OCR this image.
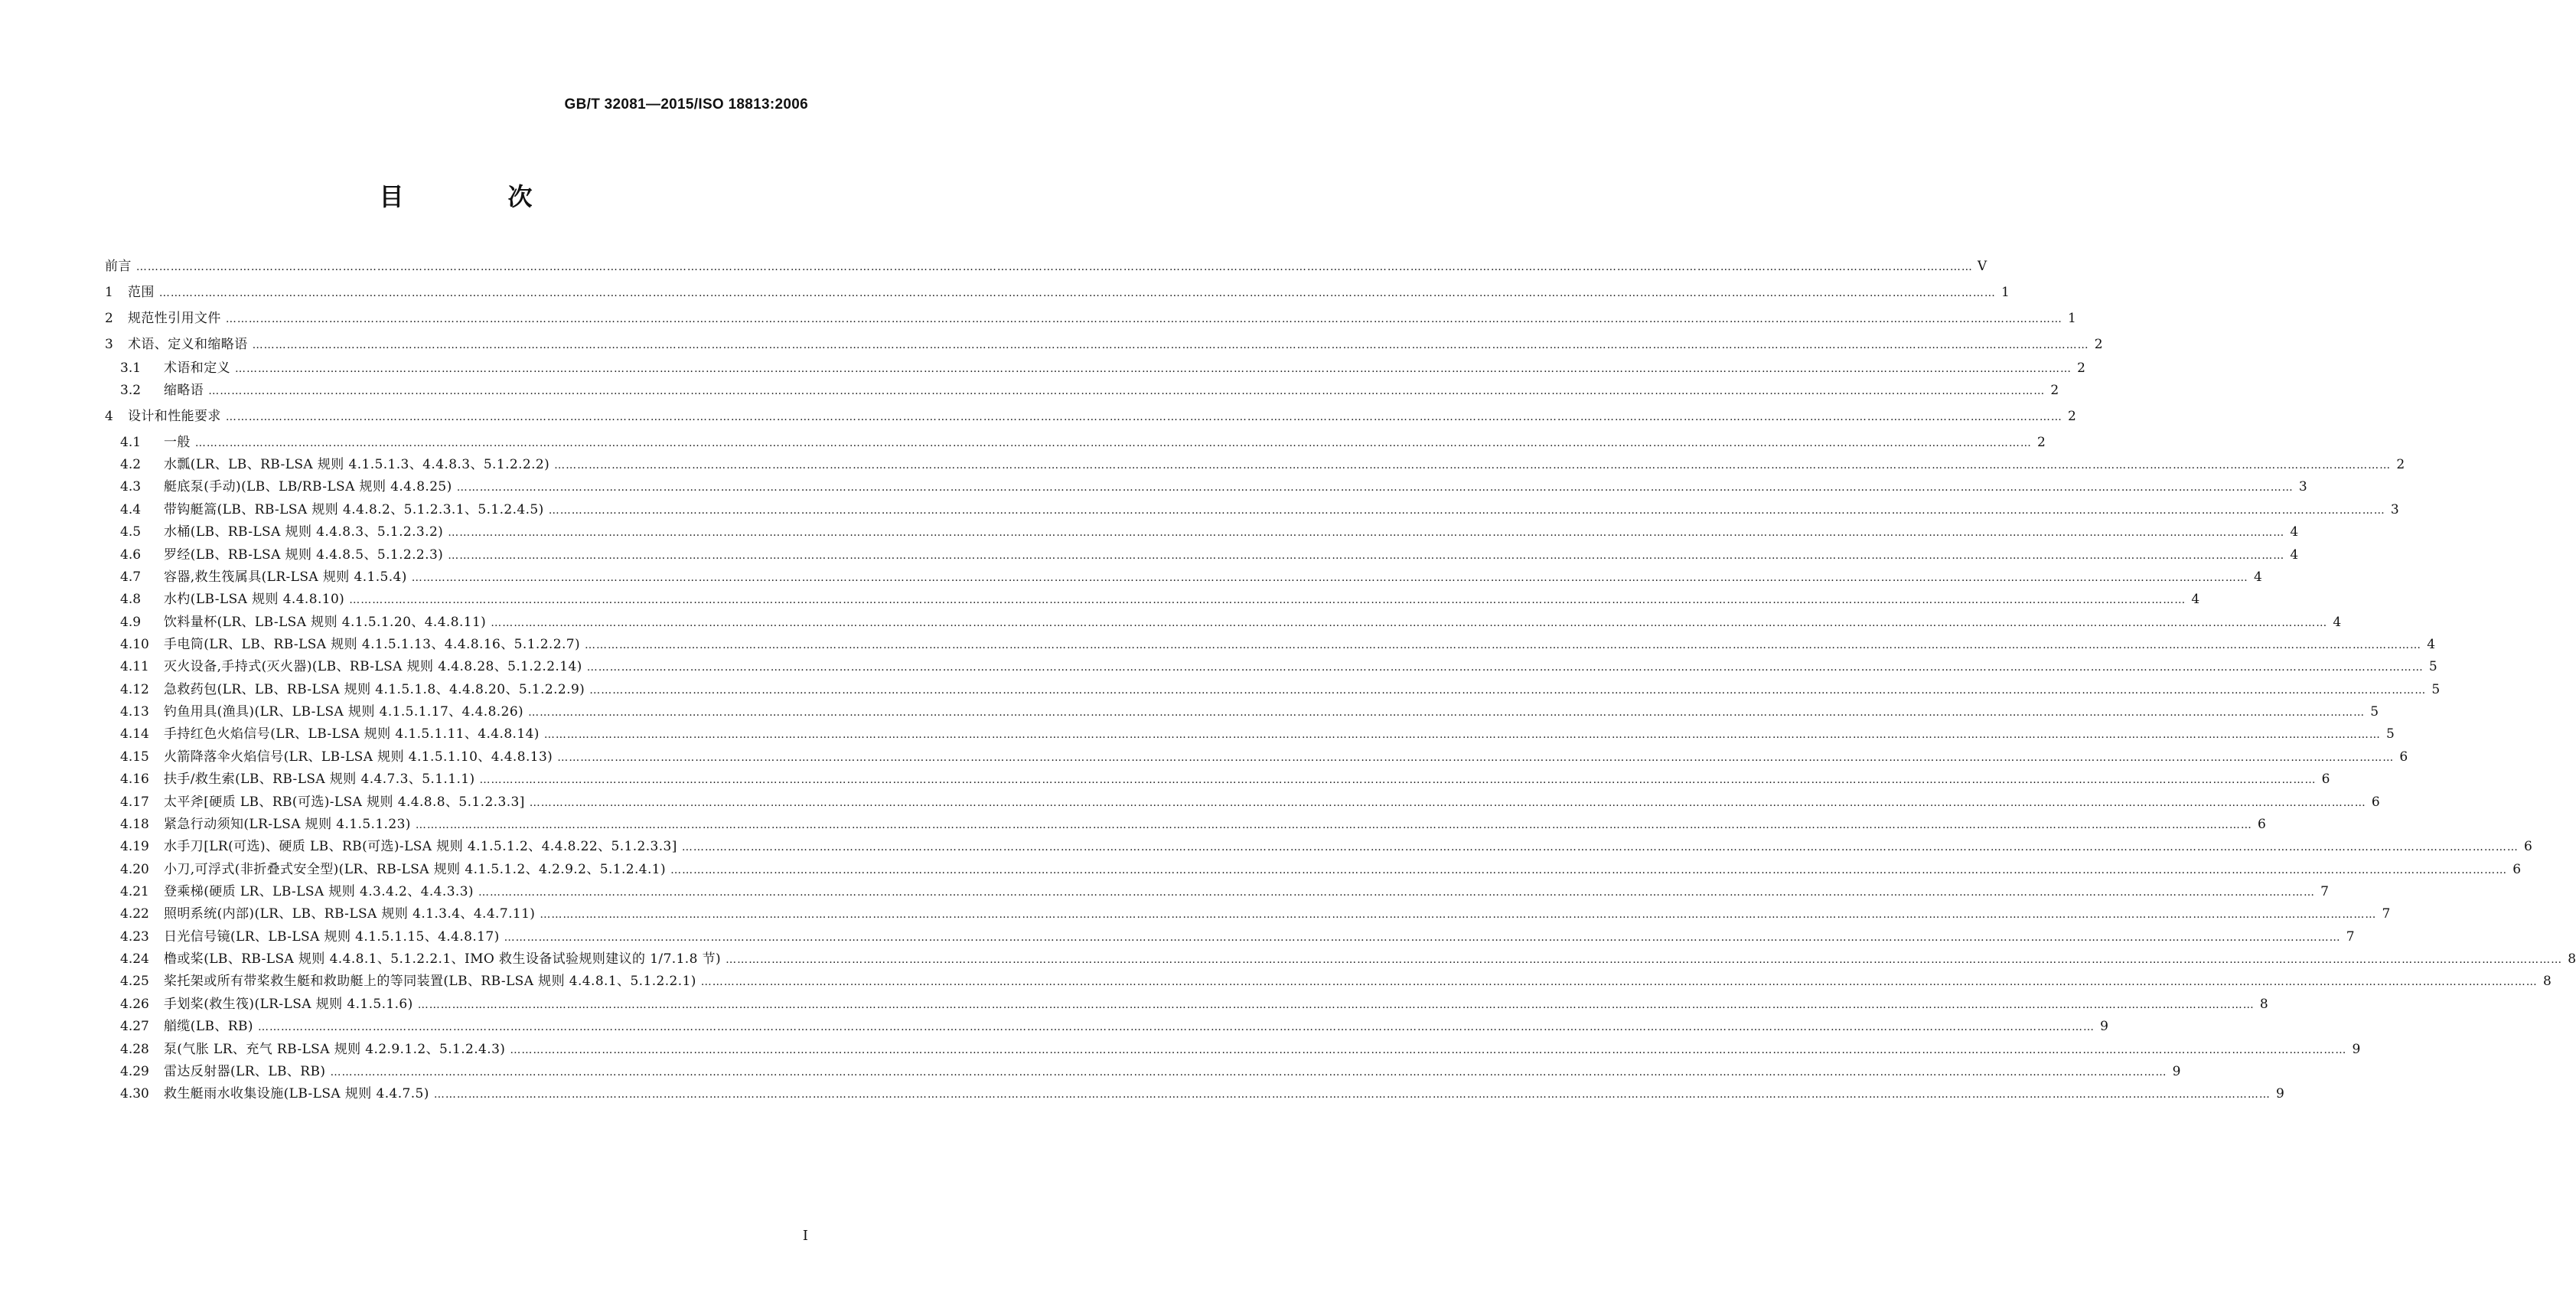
GB/T 32081—2015/ISO 18813:2006
目　次
前言 ………………………………………………………………………………………………………………………………………………………………………………………………………………………………………………………………………………………………………………………………………………………………………………………………………………………………………… Ⅴ
1	范围 ………………………………………………………………………………………………………………………………………………………………………………………………………………………………………………………………………………………………………………………………………………………………………………………………………………………………………… 1
2	规范性引用文件 ………………………………………………………………………………………………………………………………………………………………………………………………………………………………………………………………………………………………………………………………………………………………………………………………………………………………………… 1
3	术语、定义和缩略语 ………………………………………………………………………………………………………………………………………………………………………………………………………………………………………………………………………………………………………………………………………………………………………………………………………………………………………… 2
3.1	术语和定义 ………………………………………………………………………………………………………………………………………………………………………………………………………………………………………………………………………………………………………………………………………………………………………………………………………………………………………… 2
3.2	缩略语 ………………………………………………………………………………………………………………………………………………………………………………………………………………………………………………………………………………………………………………………………………………………………………………………………………………………………………… 2
4	设计和性能要求 ………………………………………………………………………………………………………………………………………………………………………………………………………………………………………………………………………………………………………………………………………………………………………………………………………………………………………… 2
4.1	一般 ………………………………………………………………………………………………………………………………………………………………………………………………………………………………………………………………………………………………………………………………………………………………………………………………………………………………………… 2
4.2	水瓢(LR、LB、RB-LSA 规则 4.1.5.1.3、4.4.8.3、5.1.2.2.2) ………………………………………………………………………………………………………………………………………………………………………………………………………………………………………………………………………………………………………………………………………………………………………………………………………………………………………… 2
4.3	艇底泵(手动)(LB、LB/RB-LSA 规则 4.4.8.25) ………………………………………………………………………………………………………………………………………………………………………………………………………………………………………………………………………………………………………………………………………………………………………………………………………………………………………… 3
4.4	带钩艇篙(LB、RB-LSA 规则 4.4.8.2、5.1.2.3.1、5.1.2.4.5) ………………………………………………………………………………………………………………………………………………………………………………………………………………………………………………………………………………………………………………………………………………………………………………………………………………………………………… 3
4.5	水桶(LB、RB-LSA 规则 4.4.8.3、5.1.2.3.2) ………………………………………………………………………………………………………………………………………………………………………………………………………………………………………………………………………………………………………………………………………………………………………………………………………………………………………… 4
4.6	罗经(LB、RB-LSA 规则 4.4.8.5、5.1.2.2.3) ………………………………………………………………………………………………………………………………………………………………………………………………………………………………………………………………………………………………………………………………………………………………………………………………………………………………………… 4
4.7	容器,救生筏属具(LR-LSA 规则 4.1.5.4) ………………………………………………………………………………………………………………………………………………………………………………………………………………………………………………………………………………………………………………………………………………………………………………………………………………………………………… 4
4.8	水杓(LB-LSA 规则 4.4.8.10) ………………………………………………………………………………………………………………………………………………………………………………………………………………………………………………………………………………………………………………………………………………………………………………………………………………………………………… 4
4.9	饮料量杯(LR、LB-LSA 规则 4.1.5.1.20、4.4.8.11) ………………………………………………………………………………………………………………………………………………………………………………………………………………………………………………………………………………………………………………………………………………………………………………………………………………………………………… 4
4.10	手电筒(LR、LB、RB-LSA 规则 4.1.5.1.13、4.4.8.16、5.1.2.2.7) ………………………………………………………………………………………………………………………………………………………………………………………………………………………………………………………………………………………………………………………………………………………………………………………………………………………………………… 4
4.11	灭火设备,手持式(灭火器)(LB、RB-LSA 规则 4.4.8.28、5.1.2.2.14) ………………………………………………………………………………………………………………………………………………………………………………………………………………………………………………………………………………………………………………………………………………………………………………………………………………………………………… 5
4.12	急救药包(LR、LB、RB-LSA 规则 4.1.5.1.8、4.4.8.20、5.1.2.2.9) ………………………………………………………………………………………………………………………………………………………………………………………………………………………………………………………………………………………………………………………………………………………………………………………………………………………………………… 5
4.13	钓鱼用具(渔具)(LR、LB-LSA 规则 4.1.5.1.17、4.4.8.26) ………………………………………………………………………………………………………………………………………………………………………………………………………………………………………………………………………………………………………………………………………………………………………………………………………………………………………… 5
4.14	手持红色火焰信号(LR、LB-LSA 规则 4.1.5.1.11、4.4.8.14) ………………………………………………………………………………………………………………………………………………………………………………………………………………………………………………………………………………………………………………………………………………………………………………………………………………………………………… 5
4.15	火箭降落伞火焰信号(LR、LB-LSA 规则 4.1.5.1.10、4.4.8.13) ………………………………………………………………………………………………………………………………………………………………………………………………………………………………………………………………………………………………………………………………………………………………………………………………………………………………………… 6
4.16	扶手/救生索(LB、RB-LSA 规则 4.4.7.3、5.1.1.1) ………………………………………………………………………………………………………………………………………………………………………………………………………………………………………………………………………………………………………………………………………………………………………………………………………………………………………… 6
4.17	太平斧[硬质 LB、RB(可选)-LSA 规则 4.4.8.8、5.1.2.3.3] ………………………………………………………………………………………………………………………………………………………………………………………………………………………………………………………………………………………………………………………………………………………………………………………………………………………………………… 6
4.18	紧急行动须知(LR-LSA 规则 4.1.5.1.23) ………………………………………………………………………………………………………………………………………………………………………………………………………………………………………………………………………………………………………………………………………………………………………………………………………………………………………… 6
4.19	水手刀[LR(可选)、硬质 LB、RB(可选)-LSA 规则 4.1.5.1.2、4.4.8.22、5.1.2.3.3] ………………………………………………………………………………………………………………………………………………………………………………………………………………………………………………………………………………………………………………………………………………………………………………………………………………………………………… 6
4.20	小刀,可浮式(非折叠式安全型)(LR、RB-LSA 规则 4.1.5.1.2、4.2.9.2、5.1.2.4.1) ………………………………………………………………………………………………………………………………………………………………………………………………………………………………………………………………………………………………………………………………………………………………………………………………………………………………………… 6
4.21	登乘梯(硬质 LR、LB-LSA 规则 4.3.4.2、4.4.3.3) ………………………………………………………………………………………………………………………………………………………………………………………………………………………………………………………………………………………………………………………………………………………………………………………………………………………………………… 7
4.22	照明系统(内部)(LR、LB、RB-LSA 规则 4.1.3.4、4.4.7.11) ………………………………………………………………………………………………………………………………………………………………………………………………………………………………………………………………………………………………………………………………………………………………………………………………………………………………………… 7
4.23	日光信号镜(LR、LB-LSA 规则 4.1.5.1.15、4.4.8.17) ………………………………………………………………………………………………………………………………………………………………………………………………………………………………………………………………………………………………………………………………………………………………………………………………………………………………………… 7
4.24	橹或桨(LB、RB-LSA 规则 4.4.8.1、5.1.2.2.1、IMO 救生设备试验规则建议的 1/7.1.8 节) ………………………………………………………………………………………………………………………………………………………………………………………………………………………………………………………………………………………………………………………………………………………………………………………………………………………………………… 8
4.25	桨托架或所有带桨救生艇和救助艇上的等同装置(LB、RB-LSA 规则 4.4.8.1、5.1.2.2.1) ………………………………………………………………………………………………………………………………………………………………………………………………………………………………………………………………………………………………………………………………………………………………………………………………………………………………………… 8
4.26	手划桨(救生筏)(LR-LSA 规则 4.1.5.1.6) ………………………………………………………………………………………………………………………………………………………………………………………………………………………………………………………………………………………………………………………………………………………………………………………………………………………………………… 8
4.27	艏缆(LB、RB) ………………………………………………………………………………………………………………………………………………………………………………………………………………………………………………………………………………………………………………………………………………………………………………………………………………………………………… 9
4.28	泵(气胀 LR、充气 RB-LSA 规则 4.2.9.1.2、5.1.2.4.3) ………………………………………………………………………………………………………………………………………………………………………………………………………………………………………………………………………………………………………………………………………………………………………………………………………………………………………… 9
4.29	雷达反射器(LR、LB、RB) ………………………………………………………………………………………………………………………………………………………………………………………………………………………………………………………………………………………………………………………………………………………………………………………………………………………………………… 9
4.30	救生艇雨水收集设施(LB-LSA 规则 4.4.7.5) ………………………………………………………………………………………………………………………………………………………………………………………………………………………………………………………………………………………………………………………………………………………………………………………………………………………………………… 9
I
